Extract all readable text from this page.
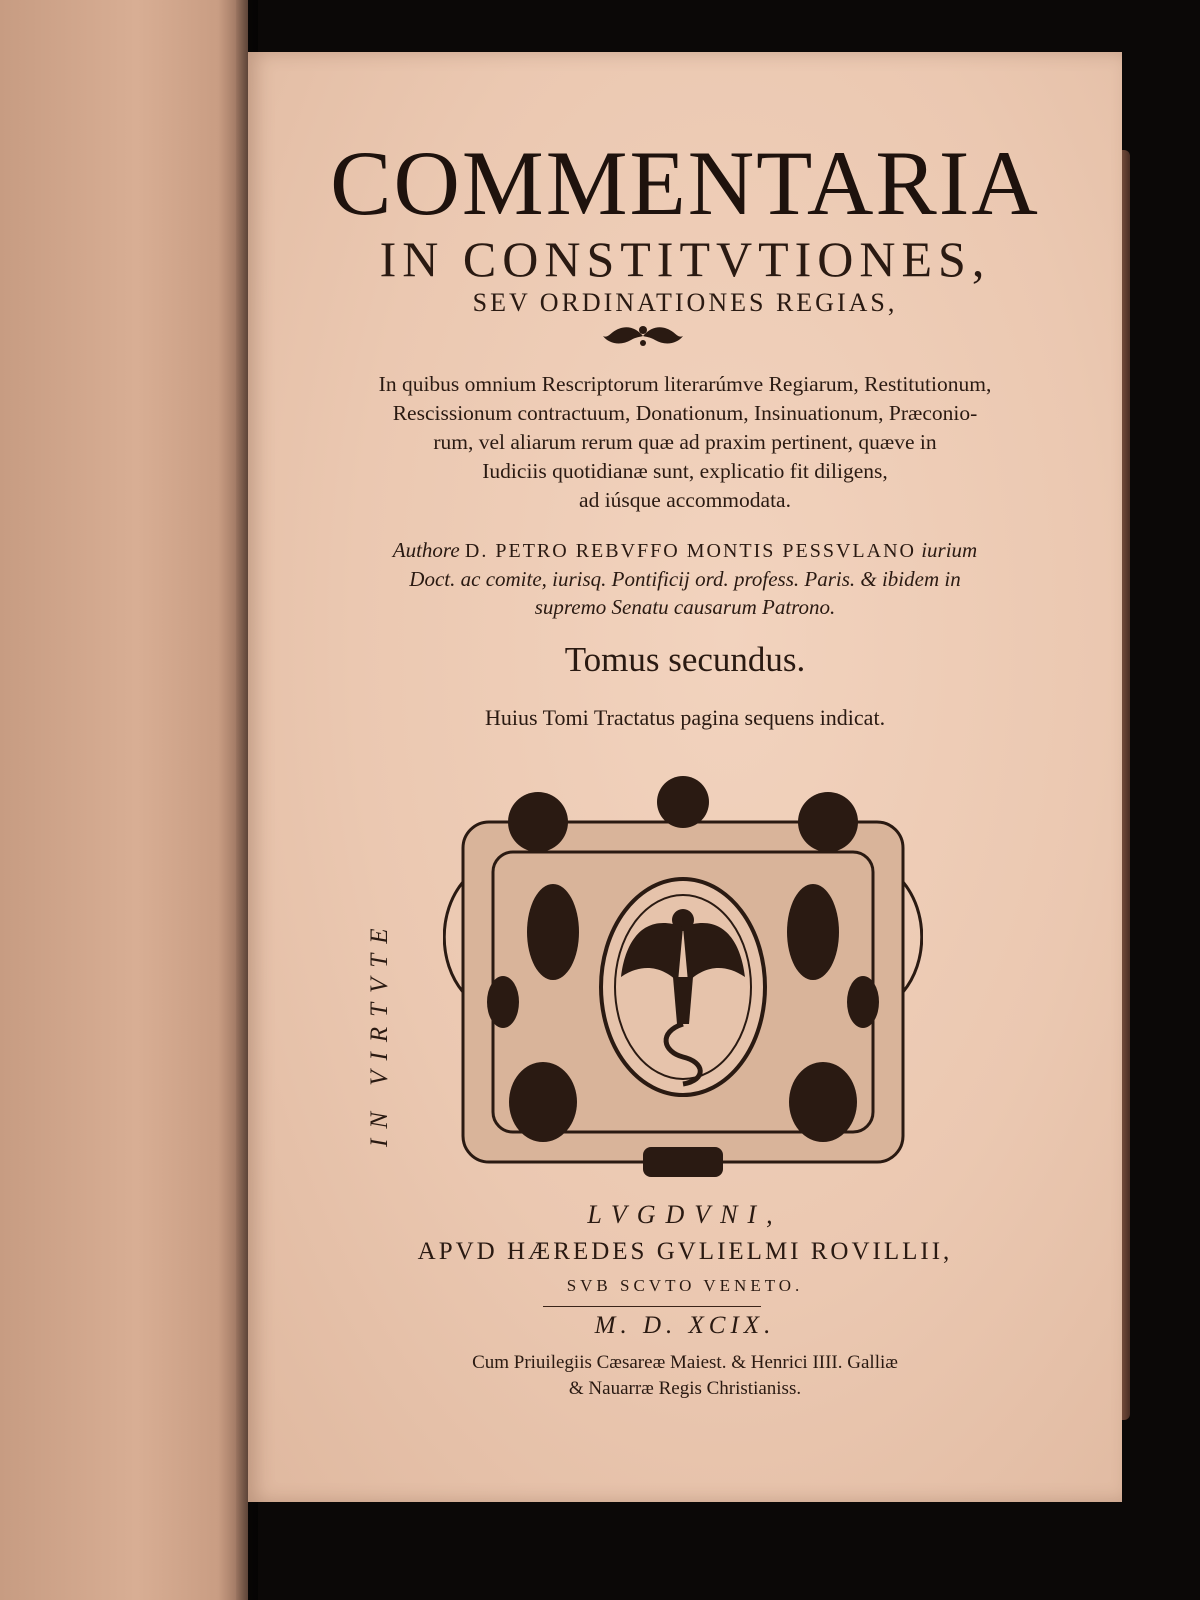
COMMENTARIA
IN CONSTITVTIONES,
SEV ORDINATIONES REGIAS,
In quibus omnium Rescriptorum literarúmve Regiarum, Restitutionum,
Rescissionum contractuum, Donationum, Insinuationum, Præconio-
rum, vel aliarum rerum quæ ad praxim pertinent, quæve in
Iudiciis quotidianæ sunt, explicatio fit diligens,
ad iúsque accommodata.
Authore D. PETRO REBVFFO MONTIS PESSVLANO iurium
Doct. ac comite, iurisq. Pontificij ord. profess. Paris. & ibidem in
supremo Senatu causarum Patrono.
Tomus secundus.
Huius Tomi Tractatus pagina sequens indicat.
IN VIRTVTE
LVGDVNI,
APVD HÆREDES GVLIELMI ROVILLII,
SVB SCVTO VENETO.
M. D. XCIX.
Cum Priuilegiis Cæsareæ Maiest. & Henrici IIII. Galliæ
& Nauarræ Regis Christianiss.
